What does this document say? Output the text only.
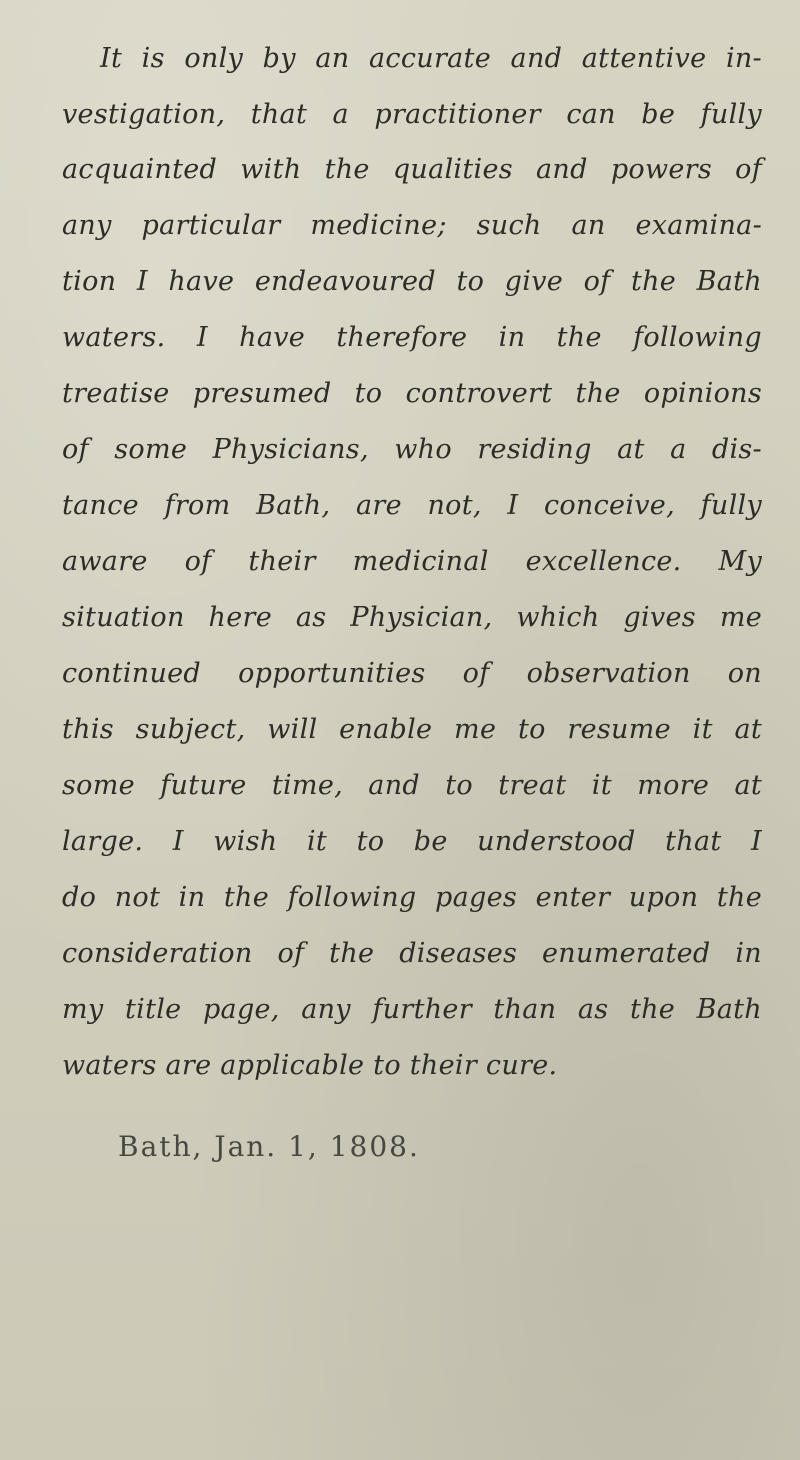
It is only by an accurate and attentive in-
vestigation, that a practitioner can be fully
acquainted with the qualities and powers of
any particular medicine; such an examina-
tion I have endeavoured to give of the Bath
waters. I have therefore in the following
treatise presumed to controvert the opinions
of some Physicians, who residing at a dis-
tance from Bath, are not, I conceive, fully
aware of their medicinal excellence. My
situation here as Physician, which gives me
continued opportunities of observation on
this subject, will enable me to resume it at
some future time, and to treat it more at
large. I wish it to be understood that I
do not in the following pages enter upon the
consideration of the diseases enumerated in
my title page, any further than as the Bath
waters are applicable to their cure.
Bath, Jan. 1, 1808.
